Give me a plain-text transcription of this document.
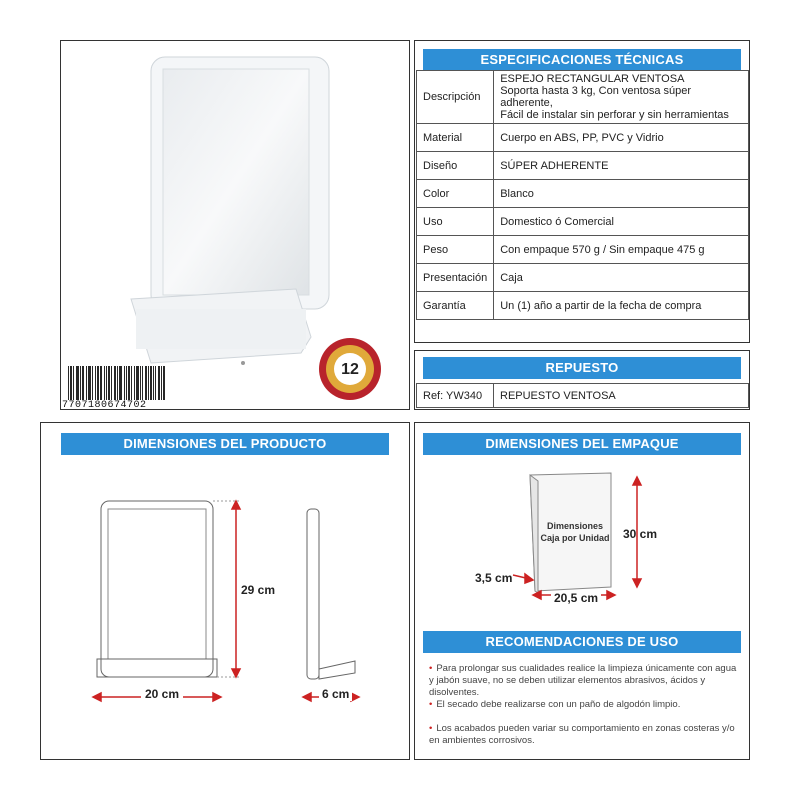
12
7707180674702
ESPECIFICACIONES TÉCNICAS
Descripción	ESPEJO RECTANGULAR VENTOSA
Soporta hasta 3 kg, Con ventosa súper adherente,
Fácil de instalar sin perforar y sin herramientas

Material	Cuerpo en ABS, PP, PVC y Vidrio

Diseño	SÚPER ADHERENTE

Color	Blanco

Uso	Domestico ó Comercial

Peso	Con empaque 570 g / Sin empaque 475 g

Presentación	Caja

Garantía	Un (1) año a partir de la fecha de compra
REPUESTO
Ref: YW340	REPUESTO VENTOSA
DIMENSIONES DEL PRODUCTO
29 cm
20 cm	6 cm
DIMENSIONES DEL EMPAQUE
Dimensiones
Caja por Unidad	30 cm
3,5 cm
20,5 cm
RECOMENDACIONES DE USO
• Para prolongar sus cualidades realice la limpieza únicamente con agua y jabón suave, no se deben utilizar elementos abrasivos, ácidos y disolventes.
• El secado debe realizarse con un paño de algodón limpio.
• Los acabados pueden variar su comportamiento en zonas costeras y/o en ambientes corrosivos.
